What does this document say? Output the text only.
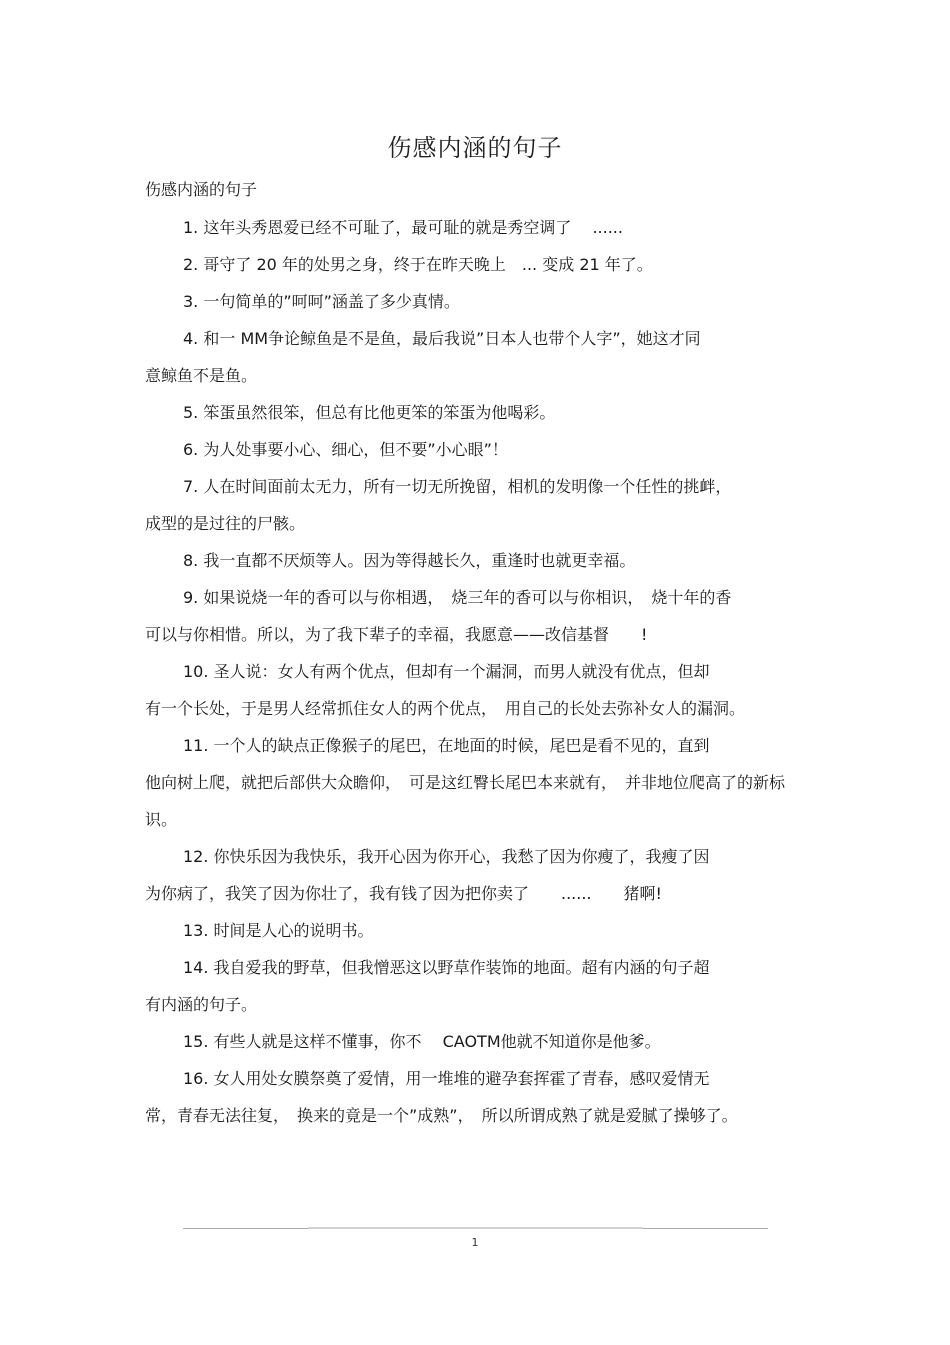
伤感内涵的句子
伤感内涵的句子
1. 这年头秀恩爱已经不可耻了，最可耻的就是秀空调了　 ......
2. 哥守了 20 年的处男之身，终于在昨天晚上　... 变成 21 年了。
3. 一句简单的”呵呵”涵盖了多少真情。
4. 和一 MM争论鲸鱼是不是鱼，最后我说”日本人也带个人字”，她这才同
意鲸鱼不是鱼。
5. 笨蛋虽然很笨，但总有比他更笨的笨蛋为他喝彩。
6. 为人处事要小心、细心，但不要”小心眼”！
7. 人在时间面前太无力，所有一切无所挽留，相机的发明像一个任性的挑衅，
成型的是过往的尸骸。
8. 我一直都不厌烦等人。因为等得越长久，重逢时也就更幸福。
9. 如果说烧一年的香可以与你相遇，　烧三年的香可以与你相识，　烧十年的香
可以与你相惜。所以，为了我下辈子的幸福，我愿意——改信基督　　!
10. 圣人说：女人有两个优点，但却有一个漏洞，而男人就没有优点，但却
有一个长处，于是男人经常抓住女人的两个优点，　用自己的长处去弥补女人的漏洞。
11. 一个人的缺点正像猴子的尾巴，在地面的时候，尾巴是看不见的，直到
他向树上爬，就把后部供大众瞻仰，　可是这红臀长尾巴本来就有，　并非地位爬高了的新标识。
12. 你快乐因为我快乐，我开心因为你开心，我愁了因为你瘦了，我瘦了因
为你病了，我笑了因为你壮了，我有钱了因为把你卖了　　......　　猪啊!
13. 时间是人心的说明书。
14. 我自爱我的野草，但我憎恶这以野草作装饰的地面。超有内涵的句子超
有内涵的句子。
15. 有些人就是这样不懂事，你不　 CAOTM他就不知道你是他爹。
16. 女人用处女膜祭奠了爱情，用一堆堆的避孕套挥霍了青春，感叹爱情无
常，青春无法往复，　换来的竟是一个”成熟”，　所以所谓成熟了就是爱腻了操够了。
1
